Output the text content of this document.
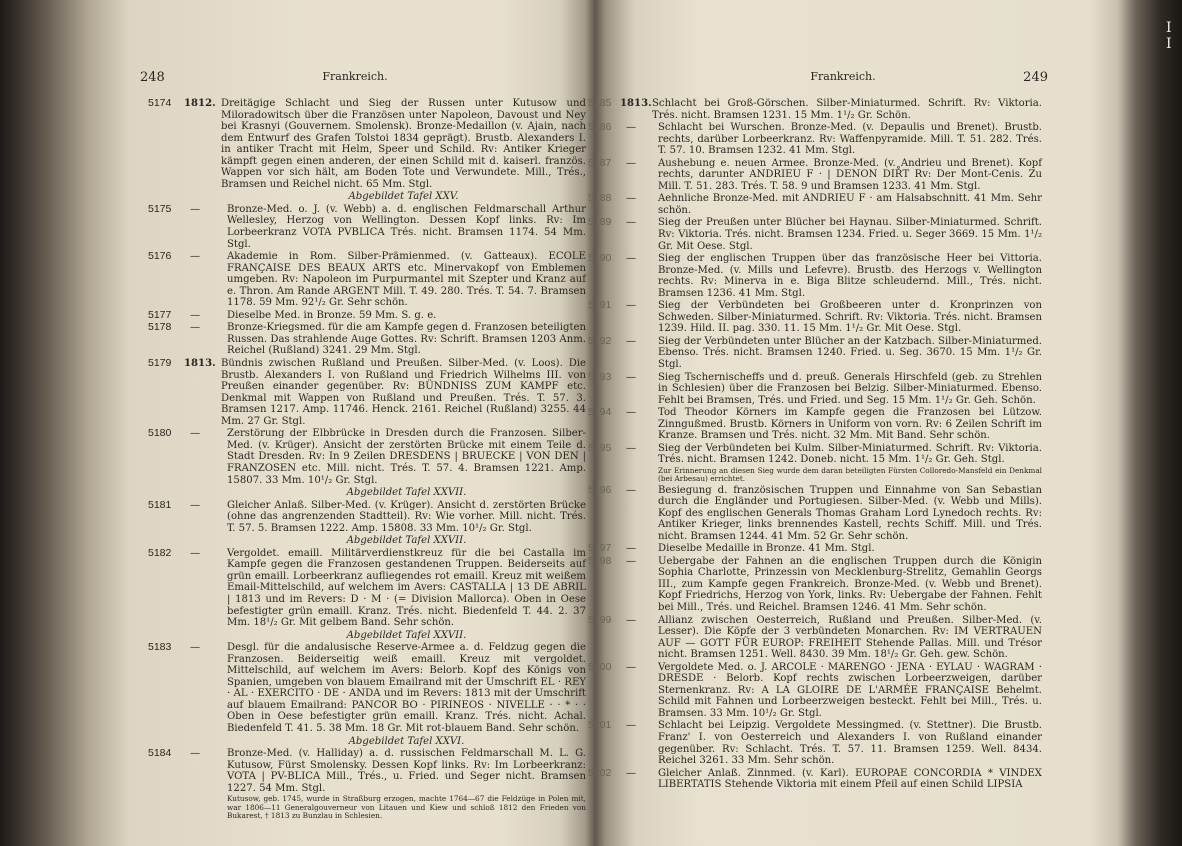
248	Frankreich.
5174	1812. Dreitägige Schlacht und Sieg der Russen unter Kutusow und Miloradowitsch über die Französen unter Napoleon, Davoust und Ney bei Krasnyi (Gouvernem. Smolensk). Bronze-Medaillon (v. Ajain, nach dem Entwurf des Grafen Tolstoi 1834 geprägt). Brustb. Alexanders I. in antiker Tracht mit Helm, Speer und Schild. Rv: Antiker Krieger kämpft gegen einen anderen, der einen Schild mit d. kaiserl. französ. Wappen vor sich hält, am Boden Tote und Verwundete. Mill., Trés., Bramsen und Reichel nicht. 65 Mm. Stgl.
Abgebildet Tafel XXV.
5175	—	Bronze-Med. o. J. (v. Webb) a. d. englischen Feldmarschall Arthur Wellesley, Herzog von Wellington. Dessen Kopf links. Rv: Im Lorbeerkranz VOTA PVBLICA Trés. nicht. Bramsen 1174. 54 Mm. Stgl.
5176	—	Akademie in Rom. Silber-Prämienmed. (v. Gatteaux). ECOLE FRANÇAISE DES BEAUX ARTS etc. Minervakopf von Emblemen umgeben. Rv: Napoleon im Purpurmantel mit Szepter und Kranz auf e. Thron. Am Rande ARGENT Mill. T. 49. 280. Trés. T. 54. 7. Bramsen 1178. 59 Mm. 92¹/₂ Gr. Sehr schön.
5177	—	Dieselbe Med. in Bronze. 59 Mm. S. g. e.
5178	—	Bronze-Kriegsmed. für die am Kampfe gegen d. Franzosen beteiligten Russen. Das strahlende Auge Gottes. Rv: Schrift. Bramsen 1203 Anm. Reichel (Rußland) 3241. 29 Mm. Stgl.
5179	1813. Bündnis zwischen Rußland und Preußen. Silber-Med. (v. Loos). Die Brustb. Alexanders I. von Rußland und Friedrich Wilhelms III. von Preußen einander gegenüber. Rv: BÜNDNISS ZUM KAMPF etc. Denkmal mit Wappen von Rußland und Preußen. Trés. T. 57. 3. Bramsen 1217. Amp. 11746. Henck. 2161. Reichel (Rußland) 3255. 44 Mm. 27 Gr. Stgl.
5180	—	Zerstörung der Elbbrücke in Dresden durch die Franzosen. Silber-Med. (v. Krüger). Ansicht der zerstörten Brücke mit einem Teile d. Stadt Dresden. Rv: In 9 Zeilen DRESDENS | BRUECKE | VON DEN | FRANZOSEN etc. Mill. nicht. Trés. T. 57. 4. Bramsen 1221. Amp. 15807. 33 Mm. 10¹/₂ Gr. Stgl.
Abgebildet Tafel XXVII.
5181	—	Gleicher Anlaß. Silber-Med. (v. Krüger). Ansicht d. zerstörten Brücke (ohne das angrenzenden Stadtteil). Rv: Wie vorher. Mill. nicht. Trés. T. 57. 5. Bramsen 1222. Amp. 15808. 33 Mm. 10¹/₂ Gr. Stgl.
Abgebildet Tafel XXVII.
5182	—	Vergoldet. emaill. Militärverdienstkreuz für die bei Castalla im Kampfe gegen die Franzosen gestandenen Truppen. Beiderseits auf grün emaill. Lorbeerkranz aufliegendes rot emaill. Kreuz mit weißem Email-Mittelschild, auf welchem im Avers: CASTALLA | 13 DE ABRIL | 1813 und im Revers: D · M · (= Division Mallorca). Oben in Oese befestigter grün emaill. Kranz. Trés. nicht. Biedenfeld T. 44. 2. 37 Mm. 18¹/₂ Gr. Mit gelbem Band. Sehr schön.
Abgebildet Tafel XXVII.
5183	—	Desgl. für die andalusische Reserve-Armee a. d. Feldzug gegen die Franzosen. Beiderseitig weiß emaill. Kreuz mit vergoldet. Mittelschild, auf welchem im Avers: Belorb. Kopf des Königs von Spanien, umgeben von blauem Emailrand mit der Umschrift EL · REY · AL · EXERCITO · DE · ANDA und im Revers: 1813 mit der Umschrift auf blauem Emailrand: PANCOR BO · PIRINEOS · NIVELLE · · * · · Oben in Oese befestigter grün emaill. Kranz. Trés. nicht. Achal. Biedenfeld T. 41. 5. 38 Mm. 18 Gr. Mit rot-blauem Band. Sehr schön.
Abgebildet Tafel XXVI.
5184	—	Bronze-Med. (v. Halliday) a. d. russischen Feldmarschall M. L. G. Kutusow, Fürst Smolensky. Dessen Kopf links. Rv: Im Lorbeerkranz: VOTA | PV-BLICA Mill., Trés., u. Fried. und Seger nicht. Bramsen 1227. 54 Mm. Stgl.
Kutusow, geb. 1745, wurde in Straßburg erzogen, machte 1764—67 die Feldzüge in Polen mit, war 1806—11 Generalgouverneur von Litauen und Kiew und schloß 1812 den Frieden von Bukarest, † 1813 zu Bunzlau in Schlesien.
Frankreich.	249
5185 1813. Schlacht bei Groß-Görschen. Silber-Miniaturmed. Schrift. Rv: Viktoria. Trés. nicht. Bramsen 1231. 15 Mm. 1¹/₂ Gr. Schön.
5186	—	Schlacht bei Wurschen. Bronze-Med. (v. Depaulis und Brenet). Brustb. rechts, darüber Lorbeerkranz. Rv: Waffenpyramide. Mill. T. 51. 282. Trés. T. 57. 10. Bramsen 1232. 41 Mm. Stgl.
5187	—	Aushebung e. neuen Armee. Bronze-Med. (v. Andrieu und Brenet). Kopf rechts, darunter ANDRIEU F · | DENON DIR̊T Rv: Der Mont-Cenis. Zu Mill. T. 51. 283. Trés. T. 58. 9 und Bramsen 1233. 41 Mm. Stgl.
5188	—	Aehnliche Bronze-Med. mit ANDRIEU F · am Halsabschnitt. 41 Mm. Sehr schön.
5189	—	Sieg der Preußen unter Blücher bei Haynau. Silber-Miniaturmed. Schrift. Rv: Viktoria. Trés. nicht. Bramsen 1234. Fried. u. Seger 3669. 15 Mm. 1¹/₂ Gr. Mit Oese. Stgl.
5190	—	Sieg der englischen Truppen über das französische Heer bei Vittoria. Bronze-Med. (v. Mills und Lefevre). Brustb. des Herzogs v. Wellington rechts. Rv: Minerva in e. Biga Blitze schleudernd. Mill., Trés. nicht. Bramsen 1236. 41 Mm. Stgl.
5191	—	Sieg der Verbündeten bei Großbeeren unter d. Kronprinzen von Schweden. Silber-Miniaturmed. Schrift. Rv: Viktoria. Trés. nicht. Bramsen 1239. Hild. II. pag. 330. 11. 15 Mm. 1¹/₂ Gr. Mit Oese. Stgl.
5192	—	Sieg der Verbündeten unter Blücher an der Katzbach. Silber-Miniaturmed. Ebenso. Trés. nicht. Bramsen 1240. Fried. u. Seg. 3670. 15 Mm. 1¹/₂ Gr. Stgl.
5193	—	Sieg Tschernischeffs und d. preuß. Generals Hirschfeld (geb. zu Strehlen in Schlesien) über die Franzosen bei Belzig. Silber-Miniaturmed. Ebenso. Fehlt bei Bramsen, Trés. und Fried. und Seg. 15 Mm. 1¹/₂ Gr. Geh. Schön.
5194	—	Tod Theodor Körners im Kampfe gegen die Franzosen bei Lützow. Zinngußmed. Brustb. Körners in Uniform von vorn. Rv: 6 Zeilen Schrift im Kranze. Bramsen und Trés. nicht. 32 Mm. Mit Band. Sehr schön.
5195	—	Sieg der Verbündeten bei Kulm. Silber-Miniaturmed. Schrift. Rv: Viktoria. Trés. nicht. Bramsen 1242. Doneb. nicht. 15 Mm. 1¹/₂ Gr. Geh. Stgl.
Zur Erinnerung an diesen Sieg wurde dem daran beteiligten Fürsten Colloredo-Mansfeld ein Denkmal (bei Arbesau) errichtet.
5196	—	Besiegung d. französischen Truppen und Einnahme von San Sebastian durch die Engländer und Portugiesen. Silber-Med. (v. Webb und Mills). Kopf des englischen Generals Thomas Graham Lord Lynedoch rechts. Rv: Antiker Krieger, links brennendes Kastell, rechts Schiff. Mill. und Trés. nicht. Bramsen 1244. 41 Mm. 52 Gr. Sehr schön.
5197	—	Dieselbe Medaille in Bronze. 41 Mm. Stgl.
5198	—	Uebergabe der Fahnen an die englischen Truppen durch die Königin Sophia Charlotte, Prinzessin von Mecklenburg-Strelitz, Gemahlin Georgs III., zum Kampfe gegen Frankreich. Bronze-Med. (v. Webb und Brenet). Kopf Friedrichs, Herzog von York, links. Rv: Uebergabe der Fahnen. Fehlt bei Mill., Trés. und Reichel. Bramsen 1246. 41 Mm. Sehr schön.
5199	—	Allianz zwischen Oesterreich, Rußland und Preußen. Silber-Med. (v. Lesser). Die Köpfe der 3 verbündeten Monarchen. Rv: IM VERTRAUEN AUF — GOTT FÜR EUROP: FREIHEIT Stehende Pallas. Mill. und Trésor nicht. Bramsen 1251. Well. 8430. 39 Mm. 18¹/₂ Gr. Geh. gew. Schön.
5200	—	Vergoldete Med. o. J. ARCOLE · MARENGO · JENA · EYLAU · WAGRAM · DRESDE · Belorb. Kopf rechts zwischen Lorbeerzweigen, darüber Sternenkranz. Rv: A LA GLOIRE DE L'ARMÉE FRANÇAISE Behelmt. Schild mit Fahnen und Lorbeerzweigen besteckt. Fehlt bei Mill., Trés. u. Bramsen. 33 Mm. 10¹/₂ Gr. Stgl.
5201	—	Schlacht bei Leipzig. Vergoldete Messingmed. (v. Stettner). Die Brustb. Franz' I. von Oesterreich und Alexanders I. von Rußland einander gegenüber. Rv: Schlacht. Trés. T. 57. 11. Bramsen 1259. Well. 8434. Reichel 3261. 33 Mm. Sehr schön.
5202	—	Gleicher Anlaß. Zinnmed. (v. Karl). EUROPAE CONCORDIA * VINDEX LIBERTATIS Stehende Viktoria mit einem Pfeil auf einen Schild LIPSIA
I I
